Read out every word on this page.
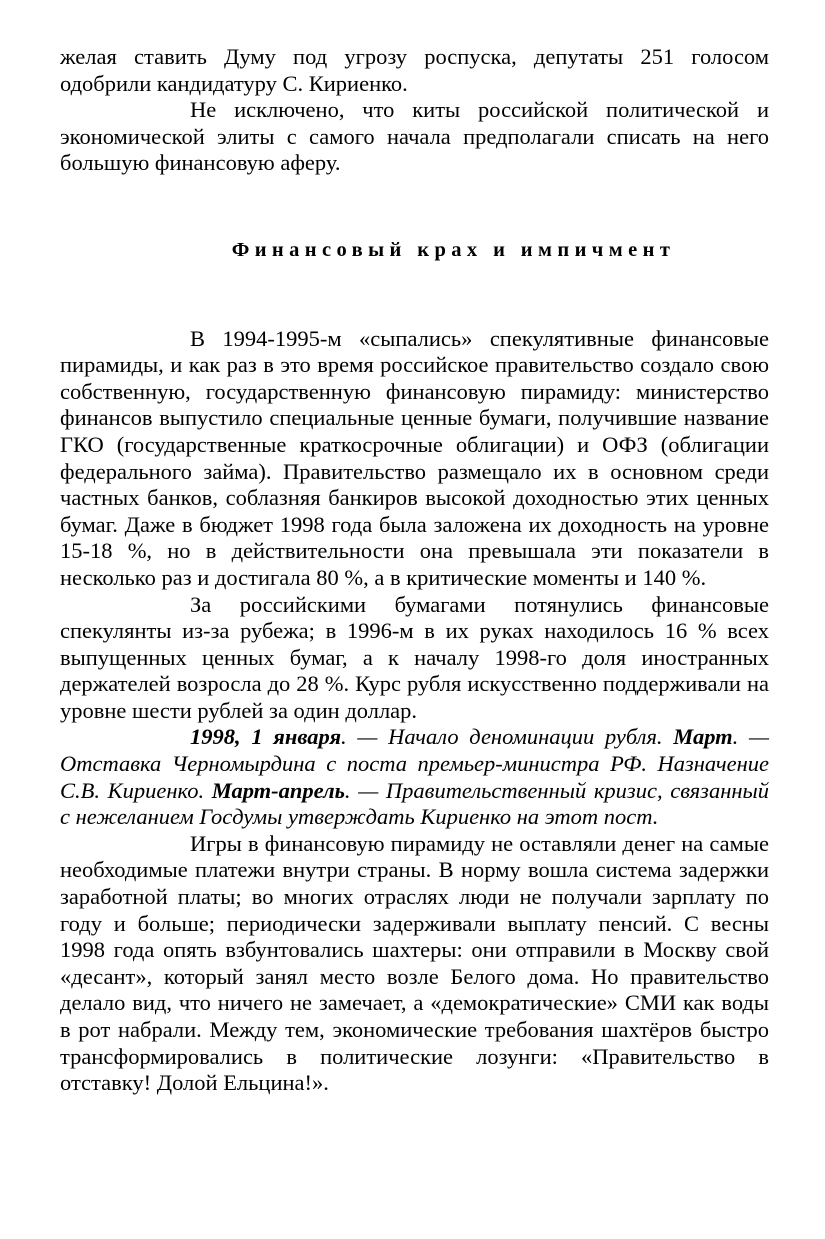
желая ставить Думу под угрозу роспуска, депутаты 251 голосом одобрили кандидатуру С. Кириенко.

Не исключено, что киты российской политической и экономической элиты с самого начала предполагали списать на него большую финансовую аферу.

Финансовый крах и импичмент

В 1994-1995-м «сыпались» спекулятивные финансовые пирамиды, и как раз в это время российское правительство создало свою собственную, государственную финансовую пирамиду: министерство финансов выпустило специальные ценные бумаги, получившие название ГКО (государственные краткосрочные облигации) и ОФЗ (облигации федерального займа). Правительство размещало их в основном среди частных банков, соблазняя банкиров высокой доходностью этих ценных бумаг. Даже в бюджет 1998 года была заложена их доходность на уровне 15-18 %, но в действительности она превышала эти показатели в несколько раз и достигала 80 %, а в критические моменты и 140 %.

За российскими бумагами потянулись финансовые спекулянты из-за рубежа; в 1996-м в их руках находилось 16 % всех выпущенных ценных бумаг, а к началу 1998-го доля иностранных держателей возросла до 28 %. Курс рубля искусственно поддерживали на уровне шести рублей за один доллар.

1998, 1 января. — Начало деноминации рубля. Март. — Отставка Черномырдина с поста премьер-министра РФ. Назначение С.В. Кириенко. Март-апрель. — Правительственный кризис, связанный с нежеланием Госдумы утверждать Кириенко на этот пост.

Игры в финансовую пирамиду не оставляли денег на самые необходимые платежи внутри страны. В норму вошла система задержки заработной платы; во многих отраслях люди не получали зарплату по году и больше; периодически задерживали выплату пенсий. С весны 1998 года опять взбунтовались шахтеры: они отправили в Москву свой «десант», который занял место возле Белого дома. Но правительство делало вид, что ничего не замечает, а «демократические» СМИ как воды в рот набрали. Между тем, экономические требования шахтёров быстро трансформировались в политические лозунги: «Правительство в отставку! Долой Ельцина!».
